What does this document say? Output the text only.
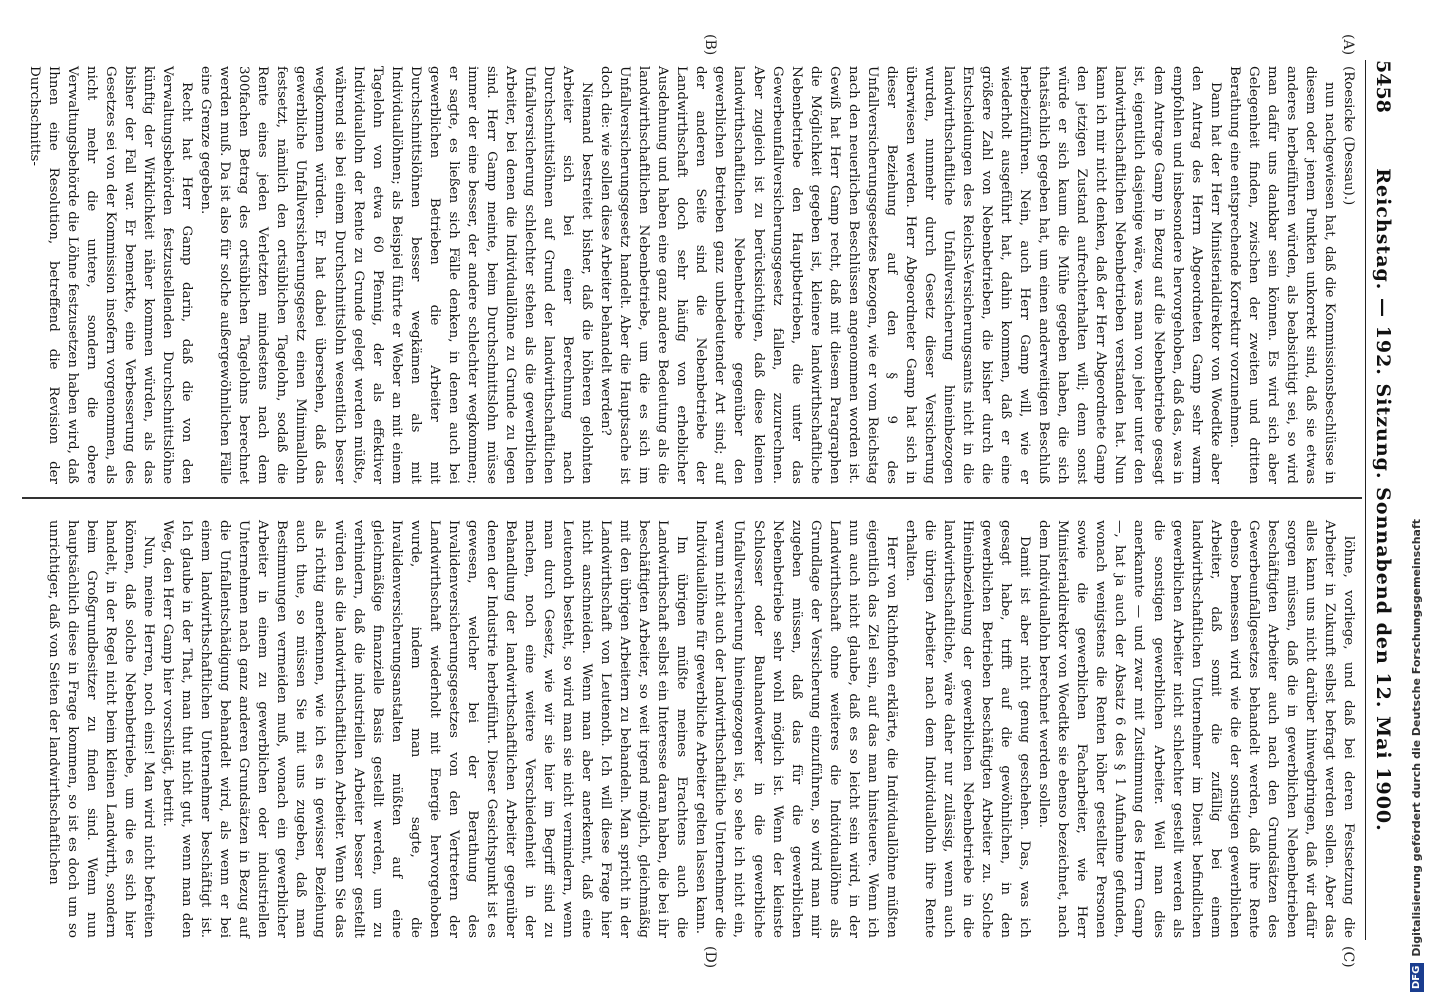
5458
Reichstag. — 192. Sitzung. Sonnabend den 12. Mai 1900.
(A)
(B)
(C)
(D)

(Roesicke (Dessau).)

nun nachgewiesen hat, daß die Kommissionsbeschlüsse in diesem oder jenem Punkten unkorrekt sind, daß sie etwas anderes herbeiführen würden, als beabsichtigt sei, so wird man dafür uns dankbar sein können. Es wird sich aber Gelegenheit finden, zwischen der zweiten und dritten Berathung eine entsprechende Korrektur vorzunehmen.

Dann hat der Herr Ministerialdirektor von Woedtke aber den Antrag des Herrn Abgeordneten Gamp sehr warm empfohlen und insbesondere hervorgehoben, daß das, was in dem Antrage Gamp in Bezug auf die Nebenbetriebe gesagt ist, eigentlich dasjenige wäre, was man von jeher unter den landwirthschaftlichen Nebenbetrieben verstanden hat. Nun kann ich mir nicht denken, daß der Herr Abgeordnete Gamp den jetzigen Zustand aufrechterhalten will; denn sonst würde er sich kaum die Mühe gegeben haben, die sich thatsächlich gegeben hat, um einen anderweitigen Beschluß herbeizuführen. Nein, auch Herr Gamp will, wie er wiederholt ausgeführt hat, dahin kommen, daß er eine größere Zahl von Nebenbetrieben, die bisher durch die Entscheidungen des Reichs-Versicherungsamts nicht in die landwirthschaftliche Unfallversicherung hineinbezogen wurden, nunmehr durch Gesetz dieser Versicherung überwiesen werden. Herr Abgeordneter Gamp hat sich in dieser Beziehung auf den § 9 des Unfallversicherungsgesetzes bezogen, wie er vom Reichstag nach den neuerlichen Beschlüssen angenommen worden ist. Gewiß hat Herr Gamp recht, daß mit diesem Paragraphen die Möglichkeit gegeben ist, kleinere landwirthschaftliche Nebenbetriebe den Hauptbetrieben, die unter das Gewerbeunfallversicherungsgesetz fallen, zuzurechnen. Aber zugleich ist zu berücksichtigen, daß diese kleinen landwirthschaftlichen Nebenbetriebe gegenüber den gewerblichen Betrieben ganz unbedeutender Art sind; auf der anderen Seite sind die Nebenbetriebe der Landwirthschaft doch sehr häufig von erheblicher Ausdehnung und haben eine ganz andere Bedeutung als die landwirthschaftlichen Nebenbetriebe, um die es sich im Unfallversicherungsgesetz handelt. Aber die Hauptsache ist doch die: wie sollen diese Arbeiter behandelt werden?

Niemand bestreitet bisher, daß die höheren gelohnten Arbeiter sich bei einer Berechnung nach Durchschnittslöhnen auf Grund der landwirthschaftlichen Unfallversicherung schlechter stehen als die gewerblichen Arbeiter, bei denen die Individuallöhne zu Grunde zu legen sind. Herr Gamp meinte, beim Durchschnittslohn müsse immer der eine besser, der andere schlechter wegkommen; er sagte, es ließen sich Fälle denken, in denen auch bei gewerblichen Betrieben die Arbeiter mit Durchschnittslöhnen besser wegkämen als mit Individuallöhnen; als Beispiel führte er Weber an mit einem Tagelohn von etwa 60 Pfennig, der als effektiver Individuallohn der Rente zu Grunde gelegt werden müßte, während sie bei einem Durchschnittslohn wesentlich besser wegkommen würden. Er hat dabei übersehen, daß das gewerbliche Unfallversicherungsgesetz einen Minimallohn festsetzt, nämlich den ortsüblichen Tagelohn, sodaß die Rente eines jeden Verletzten mindestens nach dem 300fachen Betrag des ortsüblichen Tagelohns berechnet werden muß. Da ist also für solche außergewöhnlichen Fälle eine Grenze gegeben.

Recht hat Herr Gamp darin, daß die von den Verwaltungsbehörden festzustellenden Durchschnittslöhne künftig der Wirklichkeit näher kommen würden, als das bisher der Fall war. Er bemerkte, eine Verbesserung des Gesetzes sei von der Kommission insofern vorgenommen, als nicht mehr die untere, sondern die obere Verwaltungsbehörde die Löhne festzusetzen haben wird, daß Ihnen eine Resolution, betreffend die Revision der Durchschnitts-

löhne, vorliege, und daß bei deren Festsetzung die Arbeiter in Zukunft selbst befragt werden sollen. Aber das alles kann uns nicht darüber hinwegbringen, daß wir dafür sorgen müssen, daß die in gewerblichen Nebenbetrieben beschäftigten Arbeiter auch nach den Grundsätzen des Gewerbeunfallgesetzes behandelt werden, daß ihre Rente ebenso bemessen wird wie die der sonstigen gewerblichen Arbeiter, daß somit die zufällig bei einem landwirthschaftlichen Unternehmer im Dienst befindlichen gewerblichen Arbeiter nicht schlechter gestellt werden als die sonstigen gewerblichen Arbeiter. Weil man dies anerkannte — und zwar mit Zustimmung des Herrn Gamp —, hat ja auch der Absatz 6 des § 1 Aufnahme gefunden, wonach wenigstens die Renten höher gestellter Personen sowie die gewerblichen Facharbeiter, wie Herr Ministerialdirektor von Woedtke sie ebenso bezeichnet, nach dem Individuallohn berechnet werden sollen.

Damit ist aber nicht genug geschehen. Das, was ich gesagt habe, trifft auf die gewöhnlichen, in den gewerblichen Betrieben beschäftigten Arbeiter zu. Solche Hineinbeziehung der gewerblichen Nebenbetriebe in die landwirthschaftliche, wäre daher nur zulässig, wenn auch die übrigen Arbeiter nach dem Individuallohn ihre Rente erhalten.

Herr von Richthofen erklärte, die Individuallöhne müßten eigentlich das Ziel sein, auf das man hinsteuere. Wenn ich nun auch nicht glaube, daß es so leicht sein wird, in der Landwirthschaft ohne weiteres die Individuallöhne als Grundlage der Versicherung einzuführen, so wird man mir zugeben müssen, daß das für die gewerblichen Nebenbetriebe sehr wohl möglich ist. Wenn der kleinste Schlosser oder Bauhandwerker in die gewerbliche Unfallversicherung hineingezogen ist, so sehe ich nicht ein, warum nicht auch der landwirthschaftliche Unternehmer die Individuallöhne für gewerbliche Arbeiter gelten lassen kann.

Im übrigen müßte meines Erachtens auch die Landwirthschaft selbst ein Interesse daran haben, die bei ihr beschäftigten Arbeiter, so weit irgend möglich, gleichmäßig mit den übrigen Arbeitern zu behandeln. Man spricht in der Landwirthschaft von Leutenoth. Ich will diese Frage hier nicht anschneiden. Wenn man aber anerkennt, daß eine Leutenoth besteht, so wird man sie nicht vermindern, wenn man durch Gesetz, wie wir sie hier im Begriff sind zu machen, noch eine weitere Verschiedenheit in der Behandlung der landwirthschaftlichen Arbeiter gegenüber denen der Industrie herbeiführt. Dieser Gesichtspunkt ist es gewesen, welcher bei der Berathung des Invalidenversicherungsgesetzes von den Vertretern der Landwirthschaft wiederholt mit Energie hervorgehoben wurde, indem man sagte, die Invalidenversicherungsanstalten müßten auf eine gleichmäßige finanzielle Basis gestellt werden, um zu verhindern, daß die industriellen Arbeiter besser gestellt würden als die landwirthschaftlichen Arbeiter. Wenn Sie das als richtig anerkennen, wie ich es in gewisser Beziehung auch thue, so müssen Sie mit uns zugeben, daß man Bestimmungen vermeiden muß, wonach ein gewerblicher Arbeiter in einem zu gewerblichen oder industriellen Unternehmen nach ganz anderen Grundsätzen in Bezug auf die Unfallentschädigung behandelt wird, als wenn er bei einem landwirthschaftlichen Unternehmer beschäftigt ist. Ich glaube in der That, man thut nicht gut, wenn man den Weg, den Herr Gamp hier vorschlägt, betritt.

Nun, meine Herren, noch eins! Man wird nicht befreiten können, daß solche Nebenbetriebe, um die es sich hier handelt, in der Regel nicht beim kleinen Landwirth, sondern beim Großgrundbesitzer zu finden sind. Wenn nun hauptsächlich diese in Frage kommen, so ist es doch um so unrichtiger, daß von Seiten der landwirthschaftlichen

DFGDigitalisierung gefördert durch die Deutsche Forschungsgemeinschaft
